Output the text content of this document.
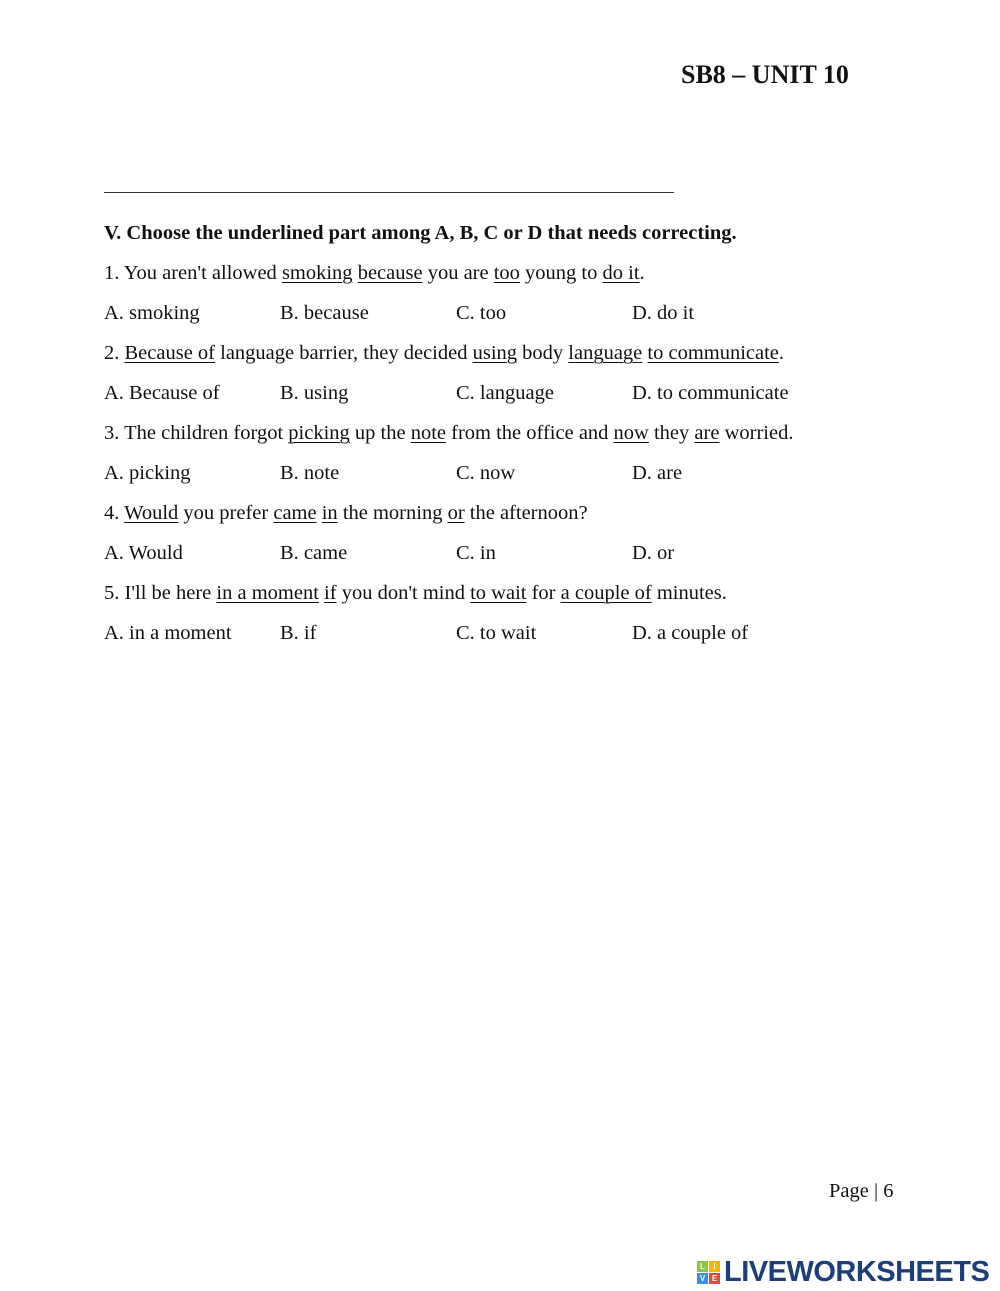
SB8 – UNIT 10
V. Choose the underlined part among A, B, C or D that needs correcting.
1. You aren't allowed smoking because you are too young to do it.
A. smoking	B. because	C. too	D. do it
2. Because of language barrier, they decided using body language to communicate.
A. Because of	B. using	C. language	D. to communicate
3. The children forgot picking up the note from the office and now they are worried.
A. picking	B. note	C. now	D. are
4. Would you prefer came in the morning or the afternoon?
A. Would	B. came	C. in	D. or
5. I'll be here in a moment if you don't mind to wait for a couple of minutes.
A. in a moment	B. if	C. to wait	D. a couple of
Page | 6
L	I
V E LIVEWORKSHEETS
